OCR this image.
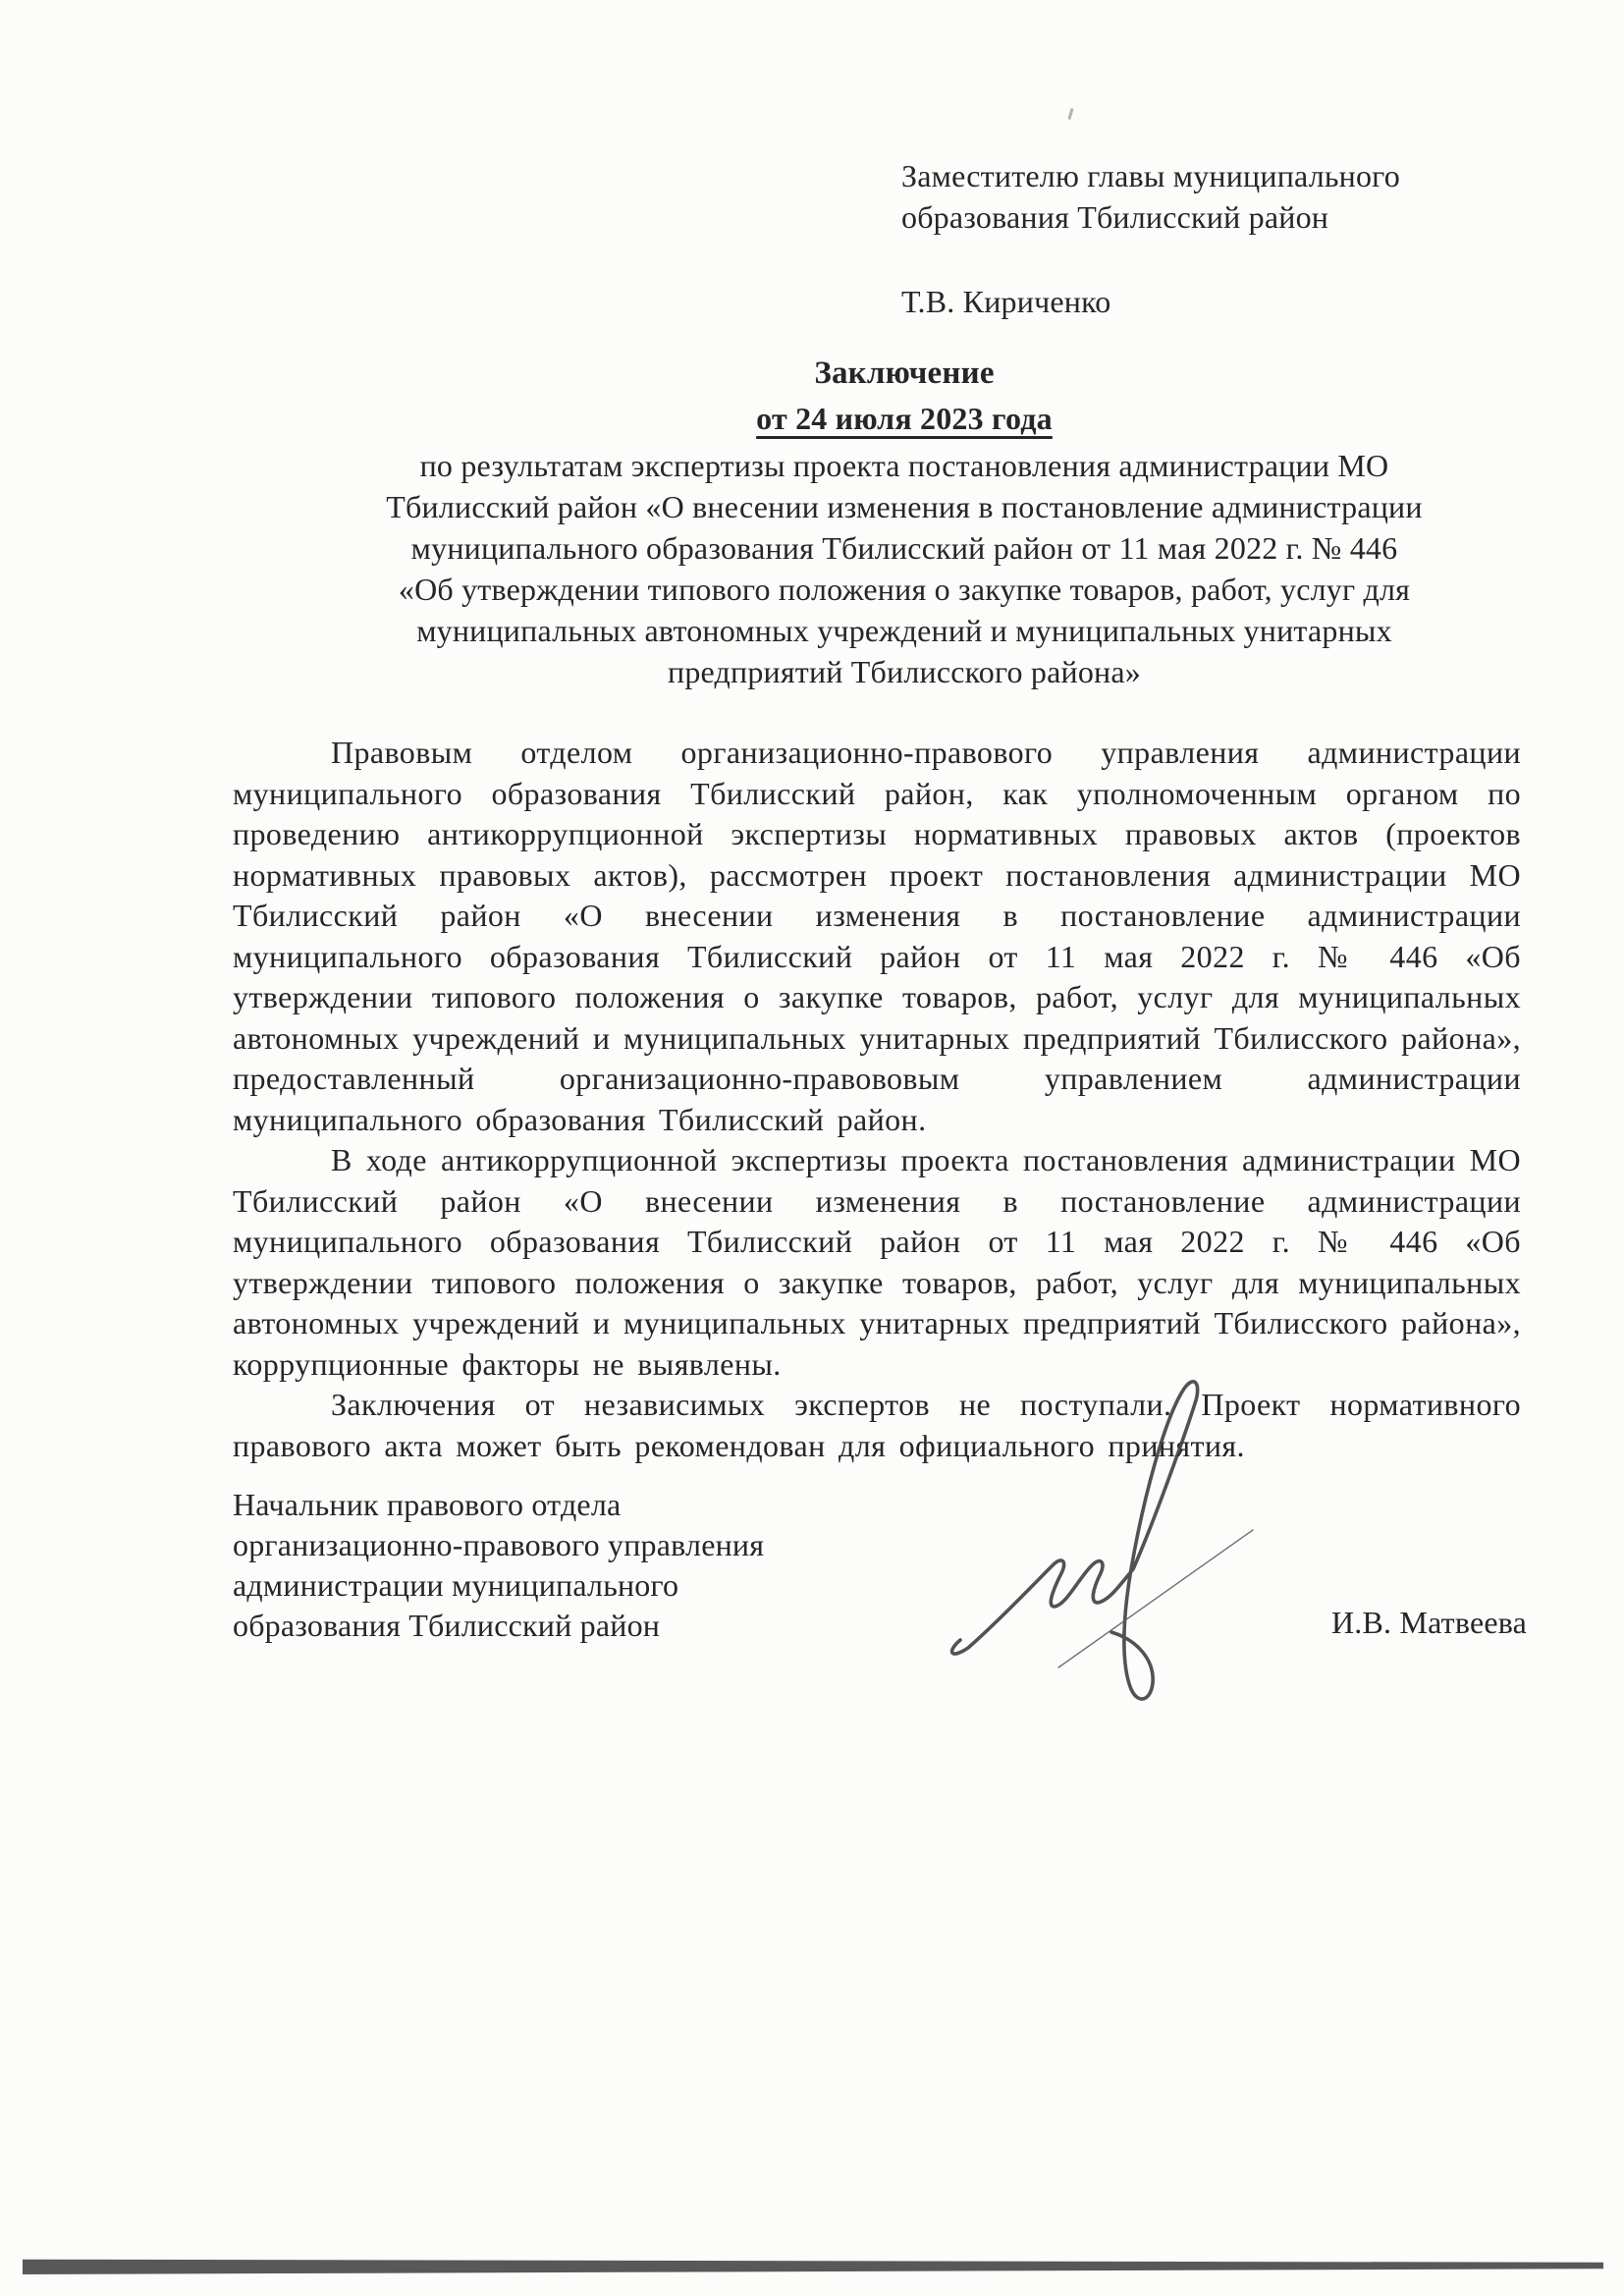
Заместителю главы муниципального
образования Тбилисский район
Т.В. Кириченко
Заключение
от 24 июля 2023 года
по результатам экспертизы проекта постановления администрации МО
Тбилисский район «О внесении изменения в постановление администрации
муниципального образования Тбилисский район от 11 мая 2022 г. № 446
«Об утверждении типового положения о закупке товаров, работ, услуг для
муниципальных автономных учреждений и муниципальных унитарных
предприятий Тбилисского района»

Правовым отделом организационно-правового управления администрации муниципального образования Тбилисский район, как уполномоченным органом по проведению антикоррупционной экспертизы нормативных правовых актов (проектов нормативных правовых актов), рассмотрен проект постановления администрации МО Тбилисский район «О внесении изменения в постановление администрации муниципального образования Тбилисский район от 11 мая 2022 г. № 446 «Об утверждении типового положения о закупке товаров, работ, услуг для муниципальных автономных учреждений и муниципальных унитарных предприятий Тбилисского района», предоставленный организационно-правововым управлением администрации муниципального образования Тбилисский район.

В ходе антикоррупционной экспертизы проекта постановления администрации МО Тбилисский район «О внесении изменения в постановление администрации муниципального образования Тбилисский район от 11 мая 2022 г. № 446 «Об утверждении типового положения о закупке товаров, работ, услуг для муниципальных автономных учреждений и муниципальных унитарных предприятий Тбилисского района», коррупционные факторы не выявлены.

Заключения от независимых экспертов не поступали. Проект нормативного правового акта может быть рекомендован для официального принятия.

Начальник правового отдела
организационно-правового управления
администрации муниципального
образования Тбилисский район	И.В. Матвеева
